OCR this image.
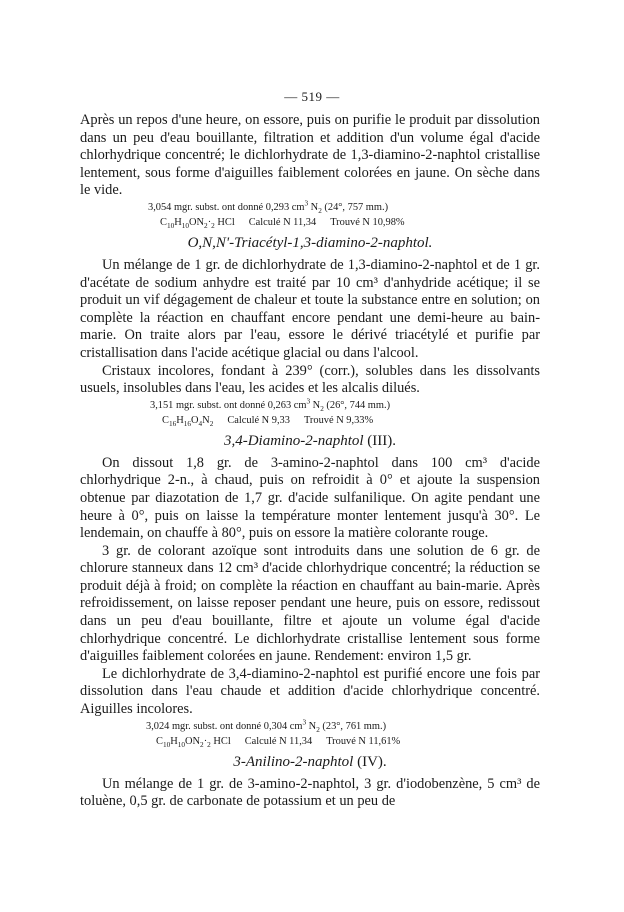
— 519 —

Après un repos d'une heure, on essore, puis on purifie le produit par dissolution dans un peu d'eau bouillante, filtration et addition d'un volume égal d'acide chlorhydrique concentré; le dichlorhydrate de 1,3-diamino-2-naphtol cristallise lentement, sous forme d'aiguilles faiblement colorées en jaune. On sèche dans le vide.

3,054 mgr. subst. ont donné 0,293 $cm^3$ $N_2$ (24°, 757 mm.)
$C_{10}H_{10}ON_2\cdot_2$ HCl Calculé N 11,34 Trouvé N 10,98%
O,N,N'-Triacétyl-1,3-diamino-2-naphtol.

Un mélange de 1 gr. de dichlorhydrate de 1,3-diamino-2-naphtol et de 1 gr. d'acétate de sodium anhydre est traité par 10 cm³ d'anhydride acétique; il se produit un vif dégagement de chaleur et toute la substance entre en solution; on complète la réaction en chauffant encore pendant une demi-heure au bain-marie. On traite alors par l'eau, essore le dérivé triacétylé et purifie par cristallisation dans l'acide acétique glacial ou dans l'alcool.

Cristaux incolores, fondant à 239° (corr.), solubles dans les dissolvants usuels, insolubles dans l'eau, les acides et les alcalis dilués.

3,151 mgr. subst. ont donné 0,263 $cm^3$ $N_2$ (26°, 744 mm.)
$C_{16}H_{16}O_4N_2$ Calculé N 9,33 Trouvé N 9,33%
3,4-Diamino-2-naphtol (III).

On dissout 1,8 gr. de 3-amino-2-naphtol dans 100 cm³ d'acide chlorhydrique 2-n., à chaud, puis on refroidit à 0° et ajoute la suspension obtenue par diazotation de 1,7 gr. d'acide sulfanilique. On agite pendant une heure à 0°, puis on laisse la température monter lentement jusqu'à 30°. Le lendemain, on chauffe à 80°, puis on essore la matière colorante rouge.

3 gr. de colorant azoïque sont introduits dans une solution de 6 gr. de chlorure stanneux dans 12 cm³ d'acide chlorhydrique concentré; la réduction se produit déjà à froid; on complète la réaction en chauffant au bain-marie. Après refroidissement, on laisse reposer pendant une heure, puis on essore, redissout dans un peu d'eau bouillante, filtre et ajoute un volume égal d'acide chlorhydrique concentré. Le dichlorhydrate cristallise lentement sous forme d'aiguilles faiblement colorées en jaune. Rendement: environ 1,5 gr.

Le dichlorhydrate de 3,4-diamino-2-naphtol est purifié encore une fois par dissolution dans l'eau chaude et addition d'acide chlorhydrique concentré. Aiguilles incolores.

3,024 mgr. subst. ont donné 0,304 $cm^3$ $N_2$ (23°, 761 mm.)
$C_{10}H_{10}ON_2\cdot_2$ HCl Calculé N 11,34 Trouvé N 11,61%
3-Anilino-2-naphtol (IV).

Un mélange de 1 gr. de 3-amino-2-naphtol, 3 gr. d'iodobenzène, 5 cm³ de toluène, 0,5 gr. de carbonate de potassium et un peu de
